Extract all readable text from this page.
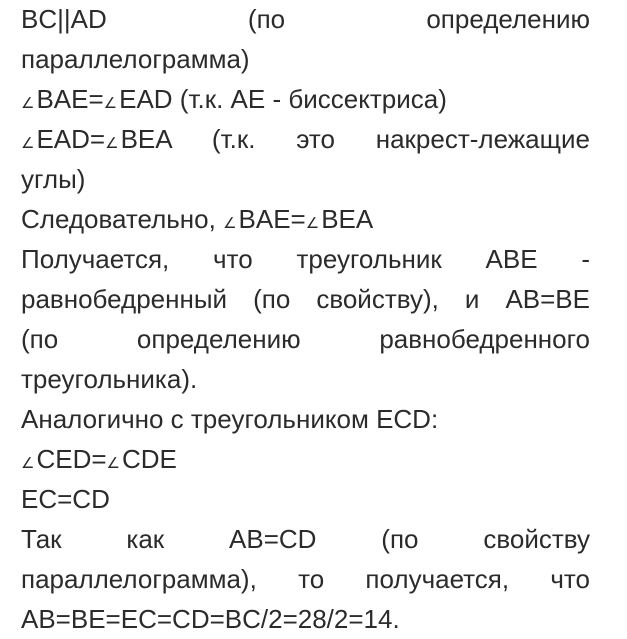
BC||AD (по определению
параллелограмма)
∠BAE=∠EAD (т.к. AE - биссектриса)
∠EAD=∠BEA (т.к. это накрест-лежащие
углы)
Следовательно, ∠BAE=∠BEA
Получается, что треугольник ABE -
равнобедренный (по свойству), и AB=BE
(по определению равнобедренного
треугольника).
Аналогично с треугольником ECD:
∠CED=∠CDE
EC=CD
Так как AB=CD (по свойству
параллелограмма), то получается, что
AB=BE=EC=CD=BC/2=28/2=14.
